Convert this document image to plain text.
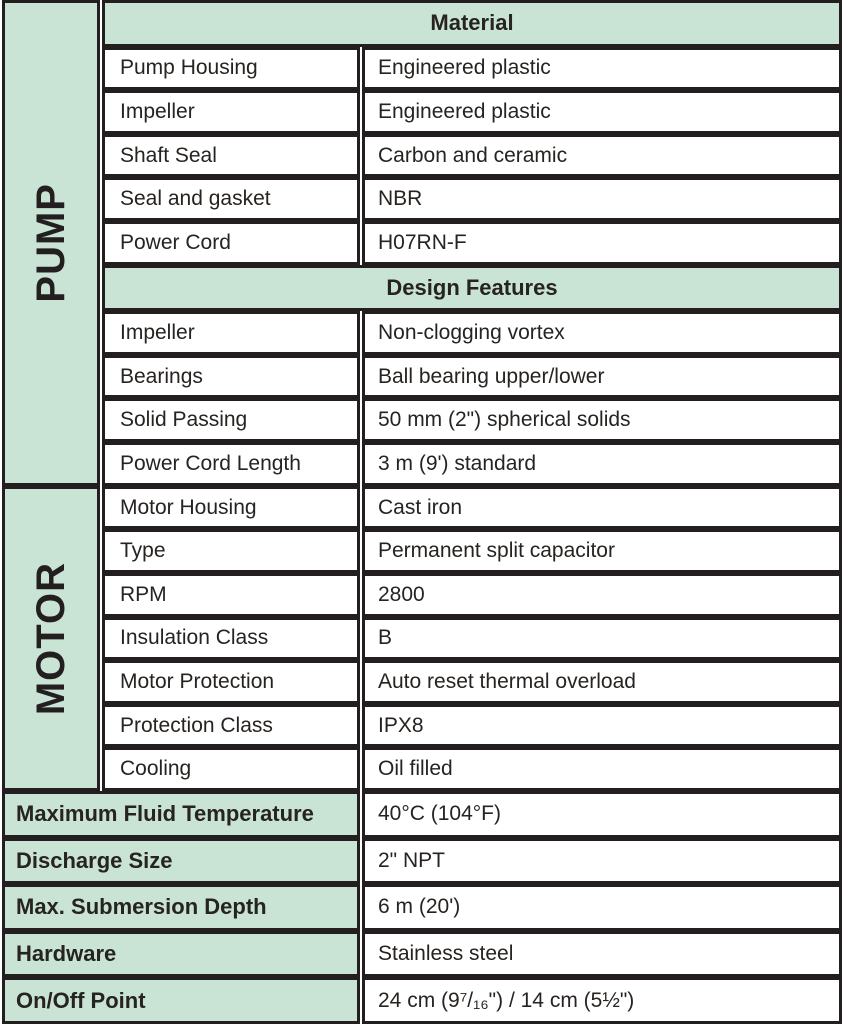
PUMP	Material	
	Pump Housing	Engineered plastic
	Impeller	Engineered plastic
	Shaft Seal	Carbon and ceramic
	Seal and gasket	NBR
	Power Cord	H07RN-F
	Design Features	
	Impeller	Non-clogging vortex
	Bearings	Ball bearing upper/lower
	Solid Passing	50 mm (2") spherical solids
	Power Cord Length	3 m (9') standard

MOTOR	Motor Housing	Cast iron
	Type	Permanent split capacitor
	RPM	2800
	Insulation Class	B
	Motor Protection	Auto reset thermal overload
	Protection Class	IPX8
	Cooling	Oil filled
Maximum Fluid Temperature		40°C (104°F)
Discharge Size		2" NPT
Max. Submersion Depth		6 m (20')
Hardware		Stainless steel
On/Off Point		24 cm (9⁷/₁₆") / 14 cm (5½")
